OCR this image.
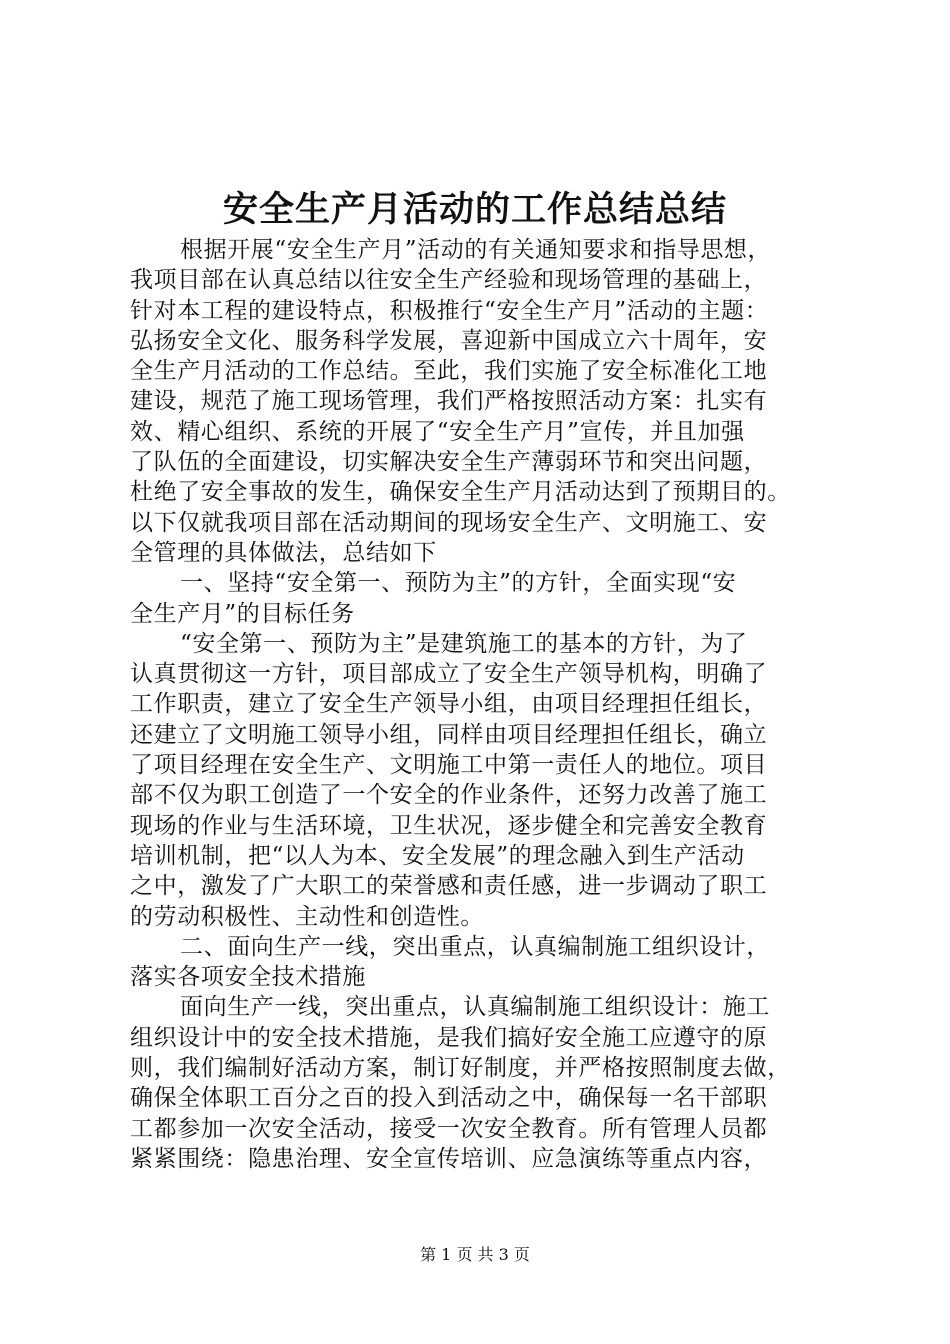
安全生产月活动的工作总结总结
根据开展“安全生产月”活动的有关通知要求和指导思想，
我项目部在认真总结以往安全生产经验和现场管理的基础上，
针对本工程的建设特点，积极推行“安全生产月”活动的主题：
弘扬安全文化、服务科学发展，喜迎新中国成立六十周年，安
全生产月活动的工作总结。至此，我们实施了安全标准化工地
建设，规范了施工现场管理，我们严格按照活动方案：扎实有
效、精心组织、系统的开展了“安全生产月”宣传，并且加强
了队伍的全面建设，切实解决安全生产薄弱环节和突出问题，
杜绝了安全事故的发生，确保安全生产月活动达到了预期目的。
以下仅就我项目部在活动期间的现场安全生产、文明施工、安
全管理的具体做法，总结如下
一、坚持“安全第一、预防为主”的方针，全面实现“安
全生产月”的目标任务
“安全第一、预防为主”是建筑施工的基本的方针，为了
认真贯彻这一方针，项目部成立了安全生产领导机构，明确了
工作职责，建立了安全生产领导小组，由项目经理担任组长，
还建立了文明施工领导小组，同样由项目经理担任组长，确立
了项目经理在安全生产、文明施工中第一责任人的地位。项目
部不仅为职工创造了一个安全的作业条件，还努力改善了施工
现场的作业与生活环境，卫生状况，逐步健全和完善安全教育
培训机制，把“以人为本、安全发展”的理念融入到生产活动
之中，激发了广大职工的荣誉感和责任感，进一步调动了职工
的劳动积极性、主动性和创造性。
二、面向生产一线，突出重点，认真编制施工组织设计，
落实各项安全技术措施
面向生产一线，突出重点，认真编制施工组织设计：施工
组织设计中的安全技术措施，是我们搞好安全施工应遵守的原
则，我们编制好活动方案，制订好制度，并严格按照制度去做，
确保全体职工百分之百的投入到活动之中，确保每一名干部职
工都参加一次安全活动，接受一次安全教育。所有管理人员都
紧紧围绕：隐患治理、安全宣传培训、应急演练等重点内容，
第 1 页 共 3 页
